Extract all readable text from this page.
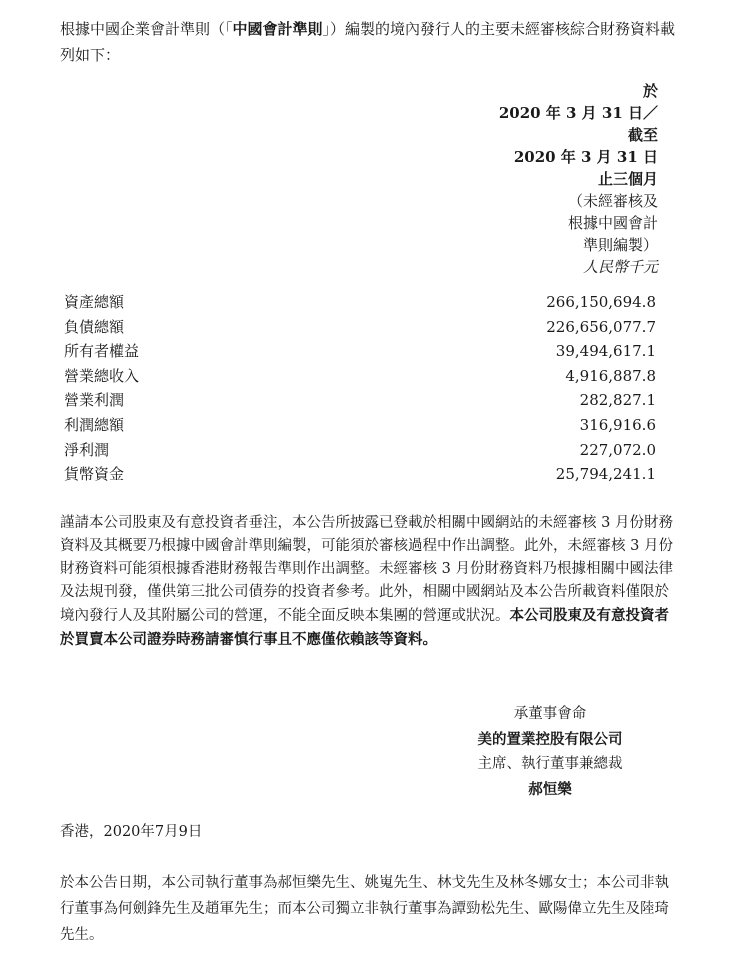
根據中國企業會計準則（「中國會計準則」）編製的境內發行人的主要未經審核綜合財務資料載列如下：
於
2020 年 3 月 31 日／
截至
2020 年 3 月 31 日
止三個月
（未經審核及
根據中國會計
準則編製）
人民幣千元
資產總額	266,150,694.8
負債總額	226,656,077.7
所有者權益	39,494,617.1
營業總收入	4,916,887.8
營業利潤	282,827.1
利潤總額	316,916.6
淨利潤	227,072.0
貨幣資金	25,794,241.1
謹請本公司股東及有意投資者垂注，本公告所披露已登載於相關中國網站的未經審核 3 月份財務資料及其概要乃根據中國會計準則編製，可能須於審核過程中作出調整。此外，未經審核 3 月份財務資料可能須根據香港財務報告準則作出調整。未經審核 3 月份財務資料乃根據相關中國法律及法規刊發，僅供第三批公司債券的投資者參考。此外，相關中國網站及本公告所載資料僅限於境內發行人及其附屬公司的營運，不能全面反映本集團的營運或狀況。本公司股東及有意投資者於買賣本公司證券時務請審慎行事且不應僅依賴該等資料。
承董事會命
美的置業控股有限公司
主席、執行董事兼總裁
郝恒樂
香港，2020年7月9日
於本公告日期，本公司執行董事為郝恒樂先生、姚嵬先生、林戈先生及林冬娜女士；本公司非執行董事為何劍鋒先生及趙軍先生；而本公司獨立非執行董事為譚勁松先生、歐陽偉立先生及陸琦先生。
